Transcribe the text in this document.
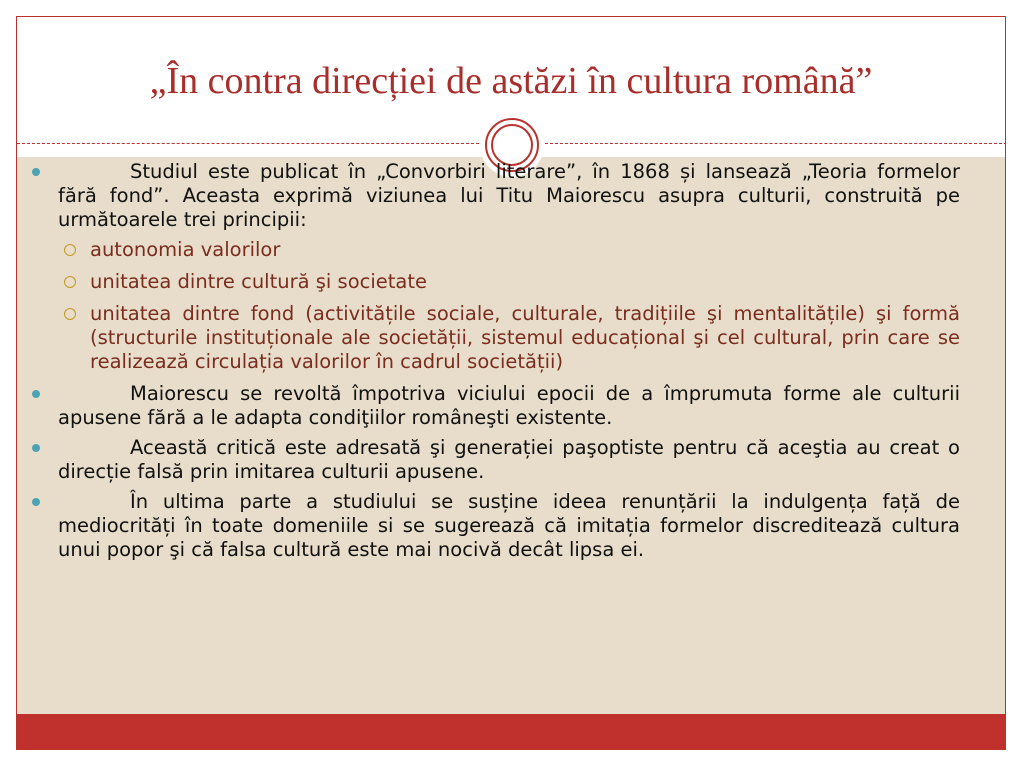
„În contra direcției de astăzi în cultura română”
Studiul este publicat în „Convorbiri literare”, în 1868 și lansează „Teoria formelor fără fond”. Aceasta exprimă viziunea lui Titu Maiorescu asupra culturii, construită pe următoarele trei principii:
autonomia valorilor
unitatea dintre cultură şi societate
unitatea dintre fond (activitățile sociale, culturale, tradițiile şi mentalitățile) şi formă (structurile instituționale ale societății, sistemul educațional şi cel cultural, prin care se realizează circulația valorilor în cadrul societății)
Maiorescu se revoltă împotriva viciului epocii de a împrumuta forme ale culturii apusene fără a le adapta condiţiilor româneşti existente.
Această critică este adresată şi generației paşoptiste pentru că aceştia au creat o direcție falsă prin imitarea culturii apusene.
În ultima parte a studiului se susține ideea renunțării la indulgența față de mediocrități în toate domeniile si se sugerează că imitația formelor discreditează cultura unui popor şi că falsa cultură este mai nocivă decât lipsa ei.
